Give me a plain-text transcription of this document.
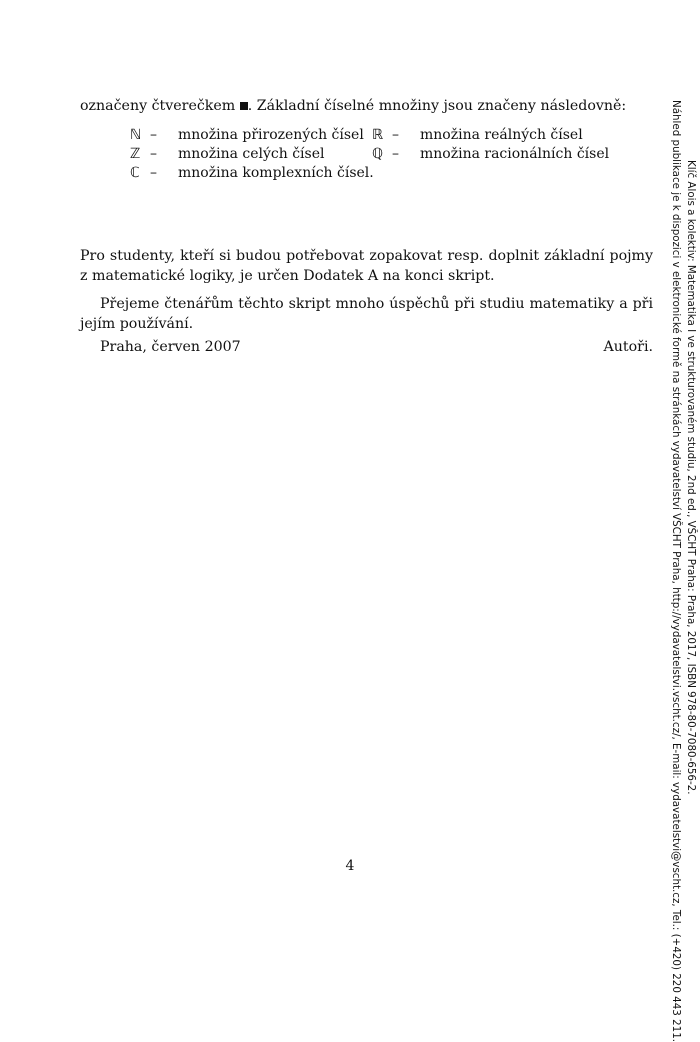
označeny čtverečkem . Základní číselné množiny jsou značeny následovně:
ℕ – množina přirozených čísel
ℤ – množina celých čísel
ℂ – množina komplexních čísel.
ℝ – množina reálných čísel
ℚ – množina racionálních čísel
Pro studenty, kteří si budou potřebovat zopakovat resp. doplnit základní pojmy z matematické logiky, je určen Dodatek A na konci skript.
Přejeme čtenářům těchto skript mnoho úspěchů při studiu matematiky a při jejím používání.
Praha, červen 2007	Autoři.
4
Klíč Alois a kolektiv: Matematika I ve strukturovaném studiu, 2nd ed., VŠCHT Praha: Praha, 2017, ISBN 978-80-7080-656-2.
Náhled publikace je k dispozici v elektronické formě na stránkách vydavatelství VŠCHT Praha, http://vydavatelstvi.vscht.cz/, E-mail: vydavatelstvi@vscht.cz, Tel.: (+420) 220 443 211.
